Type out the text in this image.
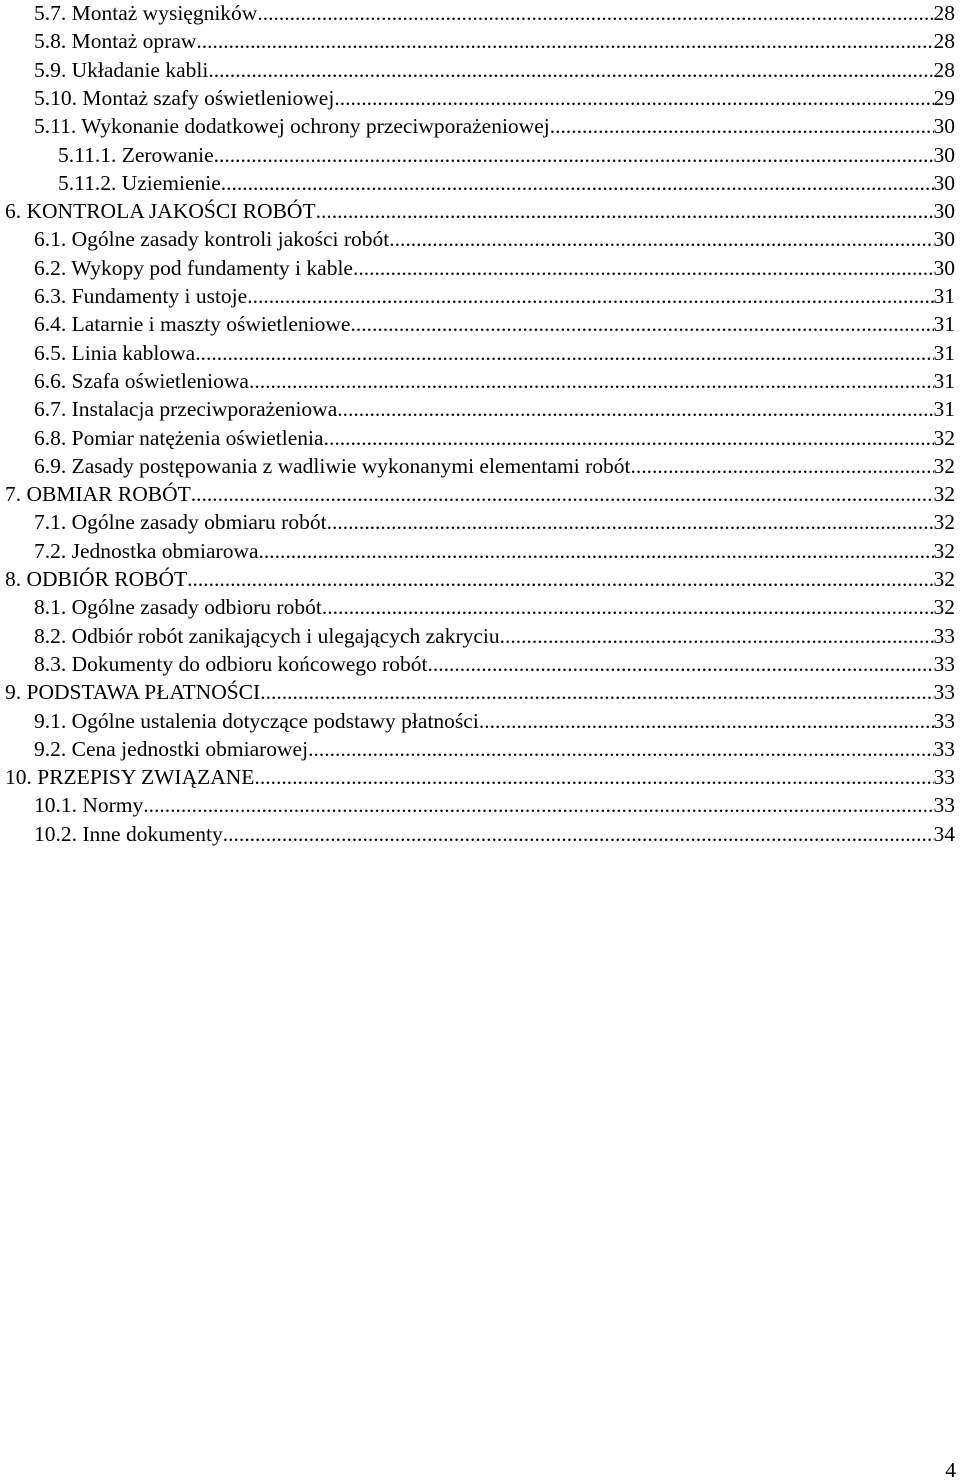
5.7. Montaż wysięgników .....	28
5.8. Montaż opraw .....	28
5.9. Układanie kabli .....	28
5.10. Montaż szafy oświetleniowej .....	29
5.11. Wykonanie dodatkowej ochrony przeciwporażeniowej .....	30
5.11.1. Zerowanie .....	30
5.11.2. Uziemienie .....	30
6. KONTROLA JAKOŚCI ROBÓT .....	30
6.1. Ogólne zasady kontroli jakości robót .....	30
6.2. Wykopy pod fundamenty i kable .....	30
6.3. Fundamenty i ustoje .....	31
6.4. Latarnie i maszty oświetleniowe .....	31
6.5. Linia kablowa .....	31
6.6. Szafa oświetleniowa .....	31
6.7. Instalacja przeciwporażeniowa .....	31
6.8. Pomiar natężenia oświetlenia .....	32
6.9. Zasady postępowania z wadliwie wykonanymi elementami robót .....	32
7. OBMIAR ROBÓT .....	32
7.1. Ogólne zasady obmiaru robót .....	32
7.2. Jednostka obmiarowa .....	32
8. ODBIÓR ROBÓT .....	32
8.1. Ogólne zasady odbioru robót .....	32
8.2. Odbiór robót zanikających i ulegających zakryciu .....	33
8.3. Dokumenty do odbioru końcowego robót .....	33
9. PODSTAWA PŁATNOŚCI .....	33
9.1. Ogólne ustalenia dotyczące podstawy płatności .....	33
9.2. Cena jednostki obmiarowej .....	33
10. PRZEPISY ZWIĄZANE .....	33
10.1. Normy .....	33
10.2. Inne dokumenty .....	34
4
